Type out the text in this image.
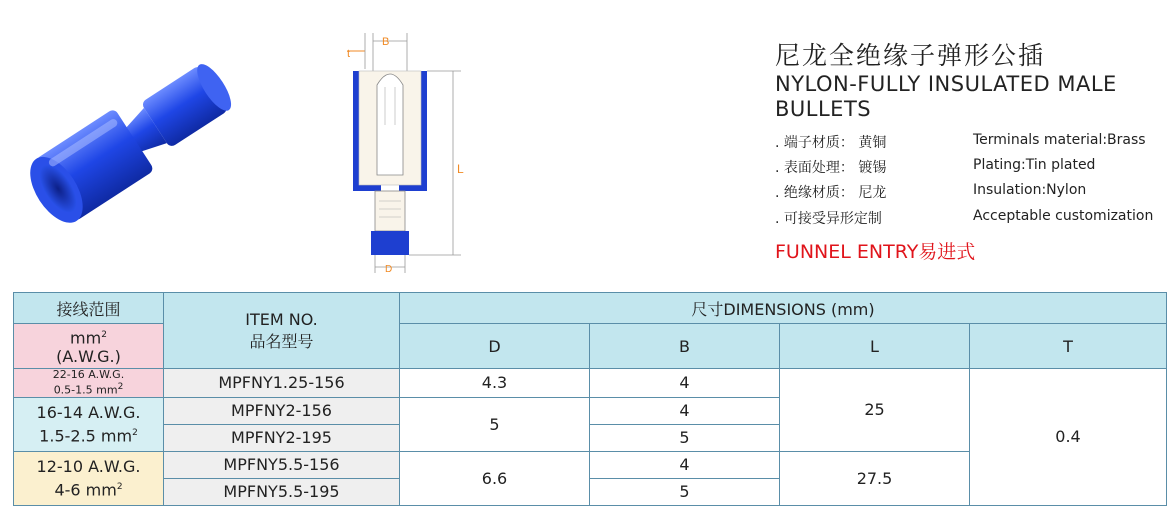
t
B
L
D
尼龙全绝缘子弹形公插
NYLON-FULLY INSULATED MALE BULLETS
. 端子材质： 黄铜	Terminals material:Brass
. 表面处理： 镀锡	Plating:Tin plated
. 绝缘材质： 尼龙	Insulation:Nylon
. 可接受异形定制	Acceptable customization
FUNNEL ENTRY易进式
接线范围	ITEM NO.
品名型号	尺寸DIMENSIONS (mm)			

$mm^2$
(A.W.G.)		D	B	L	T

22-16 A.W.G.
0.5-1.5 $mm^2$	MPFNY1.25-156	4.3	4	25	0.4

16-14 A.W.G.
1.5-2.5 $mm^2$	MPFNY2-156	5	4		
	MPFNY2-195		5		

12-10 A.W.G.
4-6 $mm^2$	MPFNY5.5-156	6.6	4	27.5	
	MPFNY5.5-195		5		
